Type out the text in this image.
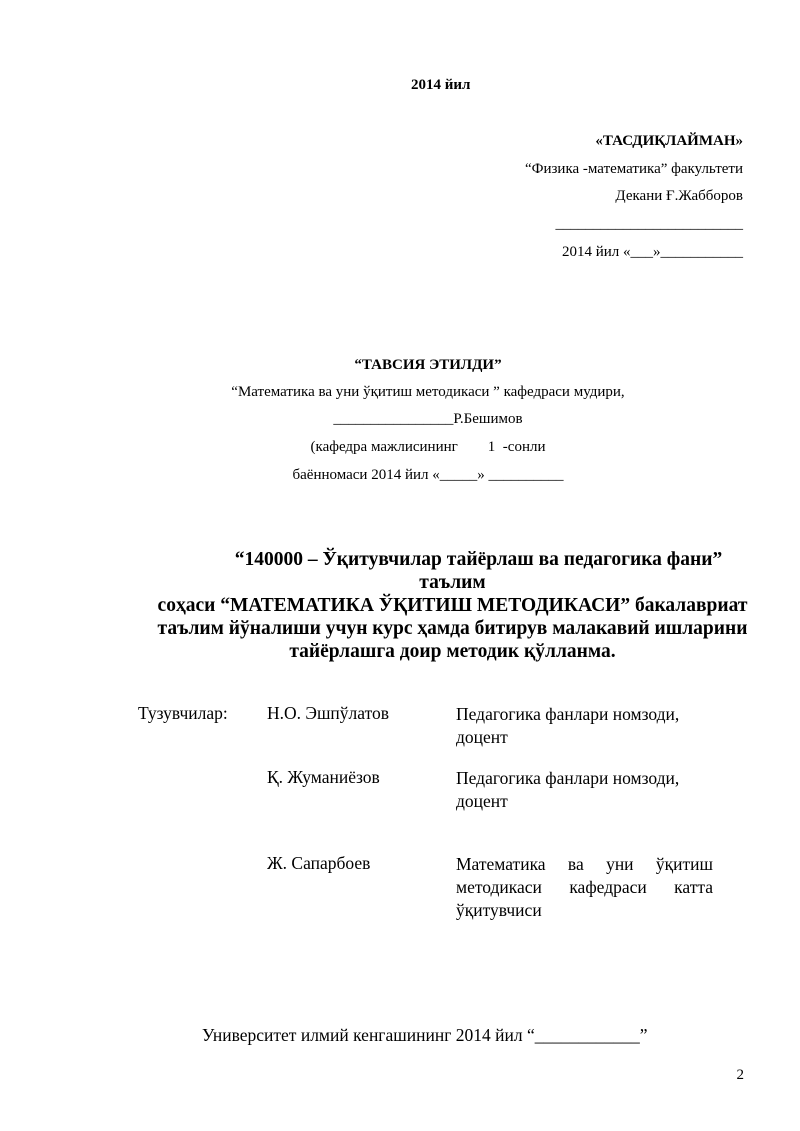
2014 йил
«ТАСДИҚЛАЙМАН»
“Физика -математика” факультети
Декани Ғ.Жабборов
_________________________
2014 йил «___»___________
“ТАВСИЯ ЭТИЛДИ”
“Математика ва уни ўқитиш методикаси ” кафедраси мудири,
________________Р.Бешимов
(кафедра мажлисининг        1  -сонли
баённомаси 2014 йил «_____» __________
“140000 – Ўқитувчилар тайёрлаш ва педагогика фани” таълим
соҳаси “МАТЕМАТИКА ЎҚИТИШ МЕТОДИКАСИ” бакалавриат
таълим йўналиши учун курс ҳамда битирув малакавий ишларини
тайёрлашга доир методик қўлланма.
Тузувчилар: Н.О. Эшпўлатов	Педагогика фанлари номзоди,
доцент
Қ. Жуманиёзов	Педагогика фанлари номзоди,
доцент
Ж. Сапарбоев	Математика ва уни ўқитиш
методикаси кафедраси катта
ўқитувчиси
Университет илмий кенгашининг 2014 йил “____________”
2
